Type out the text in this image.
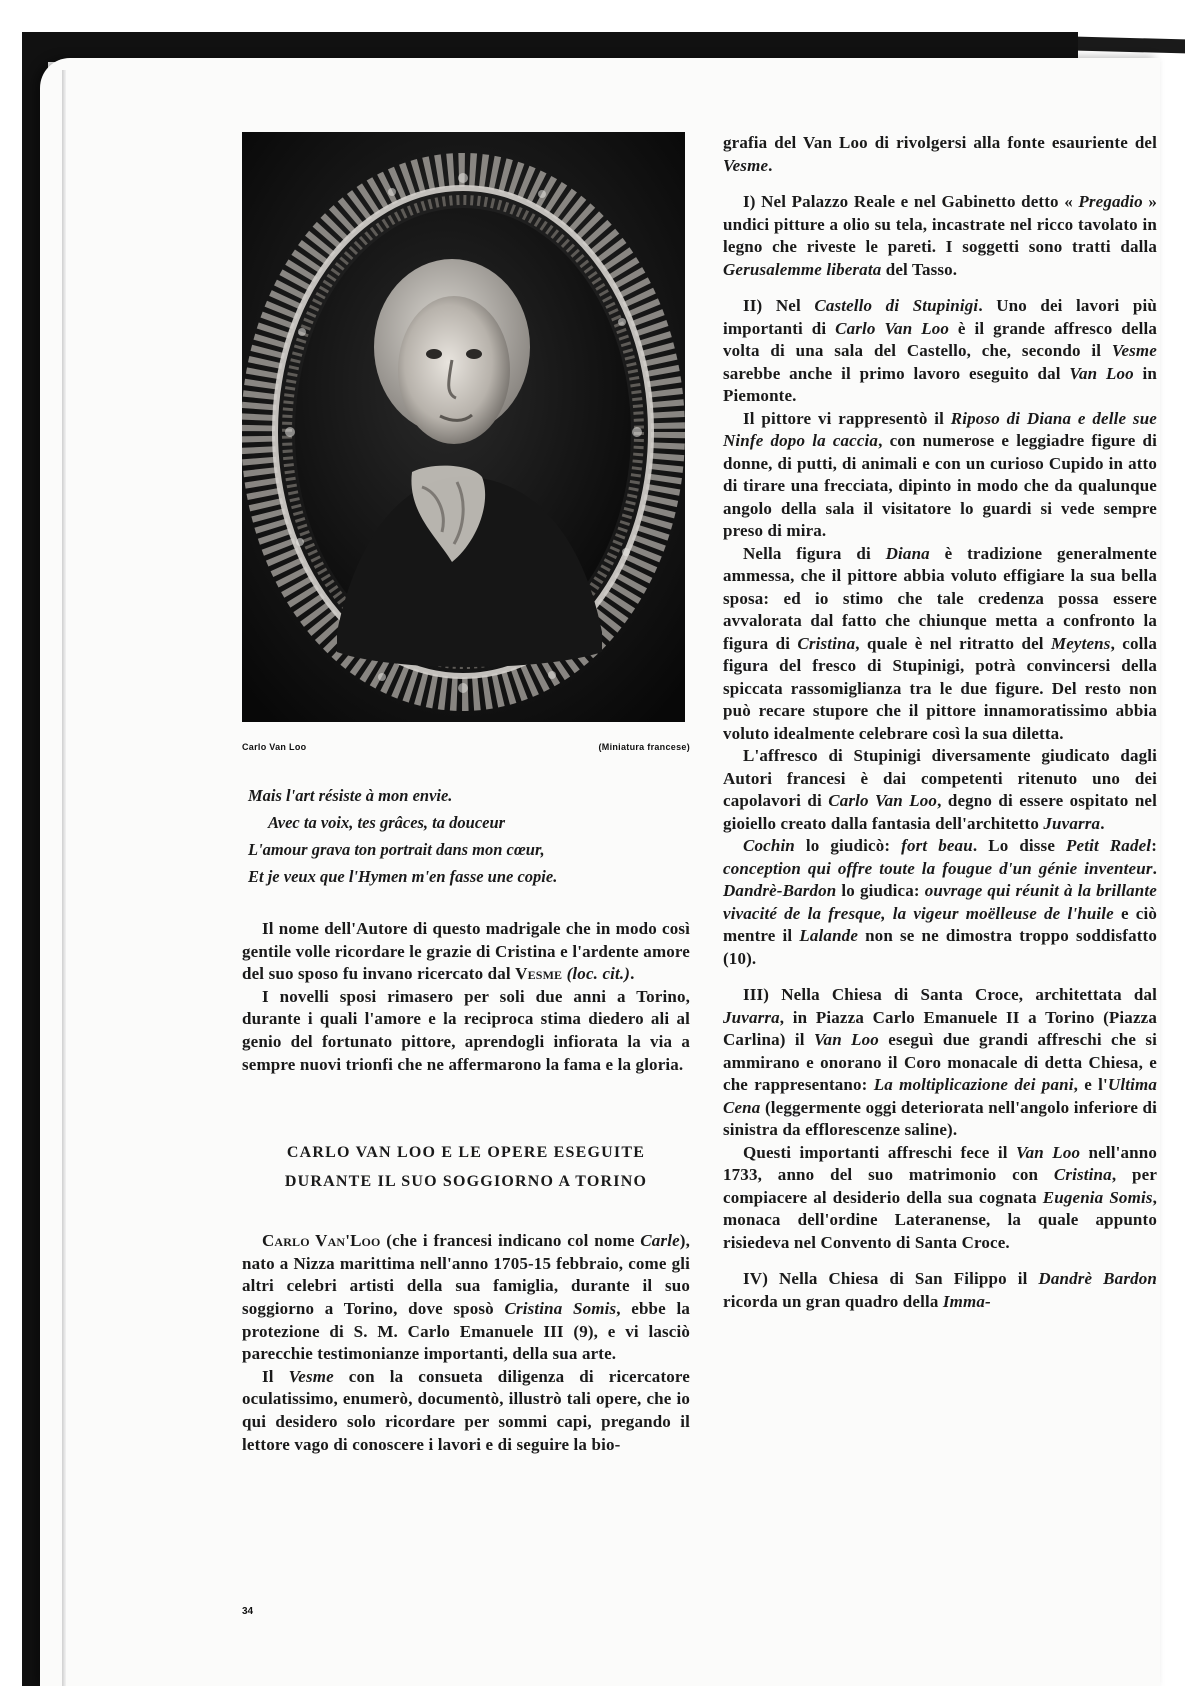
Carlo Van Loo	(Miniatura francese)
Mais l'art résiste à mon envie.
Avec ta voix, tes grâces, ta douceur
L'amour grava ton portrait dans mon cœur,
Et je veux que l'Hymen m'en fasse une copie.

Il nome dell'Autore di questo madrigale che in modo così gentile volle ricordare le grazie di Cristina e l'ardente amore del suo sposo fu invano ricercato dal Vesme (loc. cit.).

I novelli sposi rimasero per soli due anni a Torino, durante i quali l'amore e la reciproca stima diedero ali al genio del fortunato pittore, aprendogli infiorata la via a sempre nuovi trionfi che ne affermarono la fama e la gloria.

CARLO VAN LOO E LE OPERE ESEGUITE
DURANTE IL SUO SOGGIORNO A TORINO

Carlo Van'Loo (che i francesi indicano col nome Carle), nato a Nizza marittima nell'anno 1705-15 febbraio, come gli altri celebri artisti della sua famiglia, durante il suo soggiorno a Torino, dove sposò Cristina Somis, ebbe la protezione di S. M. Carlo Emanuele III (9), e vi lasciò parecchie testimonianze importanti, della sua arte.

Il Vesme con la consueta diligenza di ricercatore oculatissimo, enumerò, documentò, illustrò tali opere, che io qui desidero solo ricordare per sommi capi, pregando il lettore vago di conoscere i lavori e di seguire la bio-

34

grafia del Van Loo di rivolgersi alla fonte esauriente del Vesme.

I) Nel Palazzo Reale e nel Gabinetto detto « Pregadio » undici pitture a olio su tela, incastrate nel ricco tavolato in legno che riveste le pareti. I soggetti sono tratti dalla Gerusalemme liberata del Tasso.

II) Nel Castello di Stupinigi. Uno dei lavori più importanti di Carlo Van Loo è il grande affresco della volta di una sala del Castello, che, secondo il Vesme sarebbe anche il primo lavoro eseguito dal Van Loo in Piemonte.

Il pittore vi rappresentò il Riposo di Diana e delle sue Ninfe dopo la caccia, con numerose e leggiadre figure di donne, di putti, di animali e con un curioso Cupido in atto di tirare una frecciata, dipinto in modo che da qualunque angolo della sala il visitatore lo guardi si vede sempre preso di mira.

Nella figura di Diana è tradizione generalmente ammessa, che il pittore abbia voluto effigiare la sua bella sposa: ed io stimo che tale credenza possa essere avvalorata dal fatto che chiunque metta a confronto la figura di Cristina, quale è nel ritratto del Meytens, colla figura del fresco di Stupinigi, potrà convincersi della spiccata rassomiglianza tra le due figure. Del resto non può recare stupore che il pittore innamoratissimo abbia voluto idealmente celebrare così la sua diletta.

L'affresco di Stupinigi diversamente giudicato dagli Autori francesi è dai competenti ritenuto uno dei capolavori di Carlo Van Loo, degno di essere ospitato nel gioiello creato dalla fantasia dell'architetto Juvarra.

Cochin lo giudicò: fort beau. Lo disse Petit Radel: conception qui offre toute la fougue d'un génie inventeur. Dandrè-Bardon lo giudica: ouvrage qui réunit à la brillante vivacité de la fresque, la vigeur moëlleuse de l'huile e ciò mentre il Lalande non se ne dimostra troppo soddisfatto (10).

III) Nella Chiesa di Santa Croce, architettata dal Juvarra, in Piazza Carlo Emanuele II a Torino (Piazza Carlina) il Van Loo eseguì due grandi affreschi che si ammirano e onorano il Coro monacale di detta Chiesa, e che rappresentano: La moltiplicazione dei pani, e l'Ultima Cena (leggermente oggi deteriorata nell'angolo inferiore di sinistra da efflorescenze saline).

Questi importanti affreschi fece il Van Loo nell'anno 1733, anno del suo matrimonio con Cristina, per compiacere al desiderio della sua cognata Eugenia Somis, monaca dell'ordine Lateranense, la quale appunto risiedeva nel Convento di Santa Croce.

IV) Nella Chiesa di San Filippo il Dandrè Bardon ricorda un gran quadro della Imma-
